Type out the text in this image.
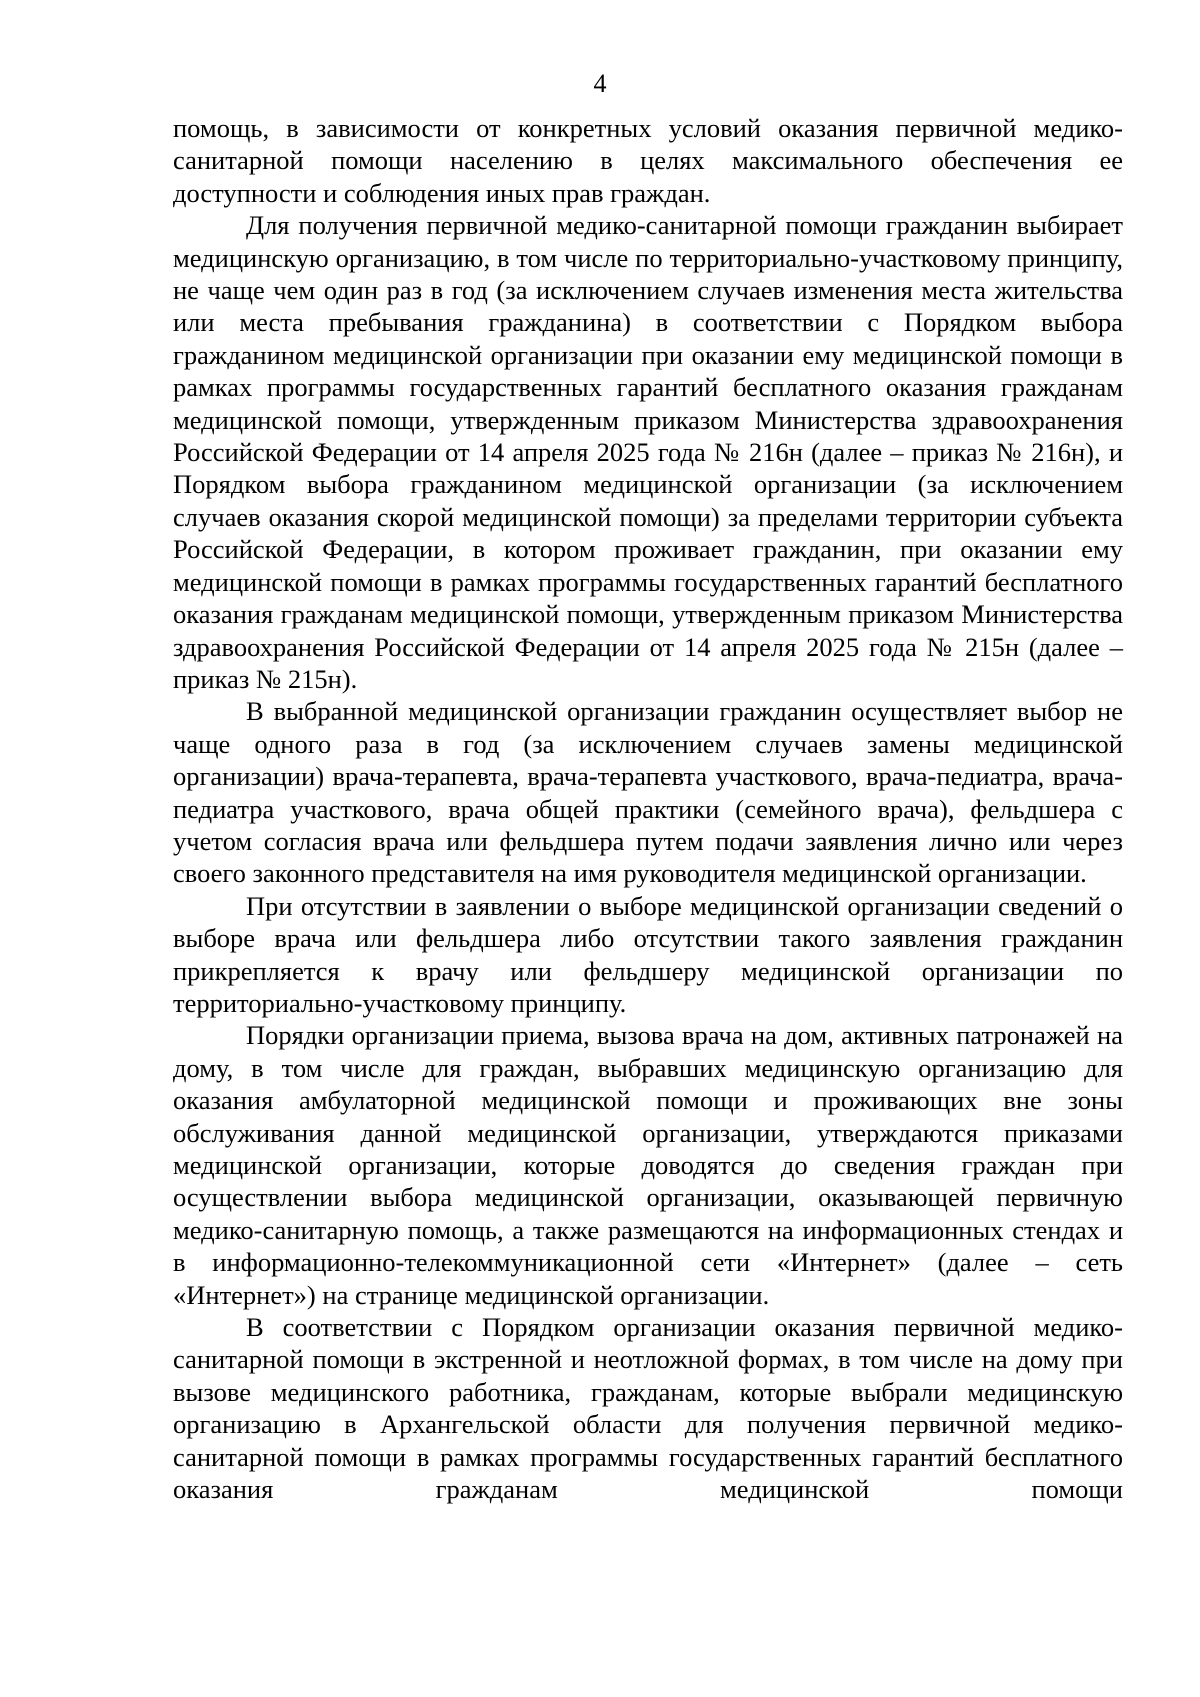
4

помощь, в зависимости от конкретных условий оказания первичной медико-санитарной помощи населению в целях максимального обеспечения ее доступности и соблюдения иных прав граждан.

Для получения первичной медико-санитарной помощи гражданин выбирает медицинскую организацию, в том числе по территориально-участковому принципу, не чаще чем один раз в год (за исключением случаев изменения места жительства или места пребывания гражданина) в соответствии с Порядком выбора гражданином медицинской организации при оказании ему медицинской помощи в рамках программы государственных гарантий бесплатного оказания гражданам медицинской помощи, утвержденным приказом Министерства здравоохранения Российской Федерации от 14 апреля 2025 года № 216н (далее – приказ № 216н), и Порядком выбора гражданином медицинской организации (за исключением случаев оказания скорой медицинской помощи) за пределами территории субъекта Российской Федерации, в котором проживает гражданин, при оказании ему медицинской помощи в рамках программы государственных гарантий бесплатного оказания гражданам медицинской помощи, утвержденным приказом Министерства здравоохранения Российской Федерации от 14 апреля 2025 года № 215н (далее – приказ № 215н).

В выбранной медицинской организации гражданин осуществляет выбор не чаще одного раза в год (за исключением случаев замены медицинской организации) врача-терапевта, врача-терапевта участкового, врача-педиатра, врача-педиатра участкового, врача общей практики (семейного врача), фельдшера с учетом согласия врача или фельдшера путем подачи заявления лично или через своего законного представителя на имя руководителя медицинской организации.

При отсутствии в заявлении о выборе медицинской организации сведений о выборе врача или фельдшера либо отсутствии такого заявления гражданин прикрепляется к врачу или фельдшеру медицинской организации по территориально-участковому принципу.

Порядки организации приема, вызова врача на дом, активных патронажей на дому, в том числе для граждан, выбравших медицинскую организацию для оказания амбулаторной медицинской помощи и проживающих вне зоны обслуживания данной медицинской организации, утверждаются приказами медицинской организации, которые доводятся до сведения граждан при осуществлении выбора медицинской организации, оказывающей первичную медико-санитарную помощь, а также размещаются на информационных стендах и в информационно-телекоммуникационной сети «Интернет» (далее – сеть «Интернет») на странице медицинской организации.

В соответствии с Порядком организации оказания первичной медико-санитарной помощи в экстренной и неотложной формах, в том числе на дому при вызове медицинского работника, гражданам, которые выбрали медицинскую организацию в Архангельской области для получения первичной медико-санитарной помощи в рамках программы государственных гарантий бесплатного оказания гражданам медицинской помощи
